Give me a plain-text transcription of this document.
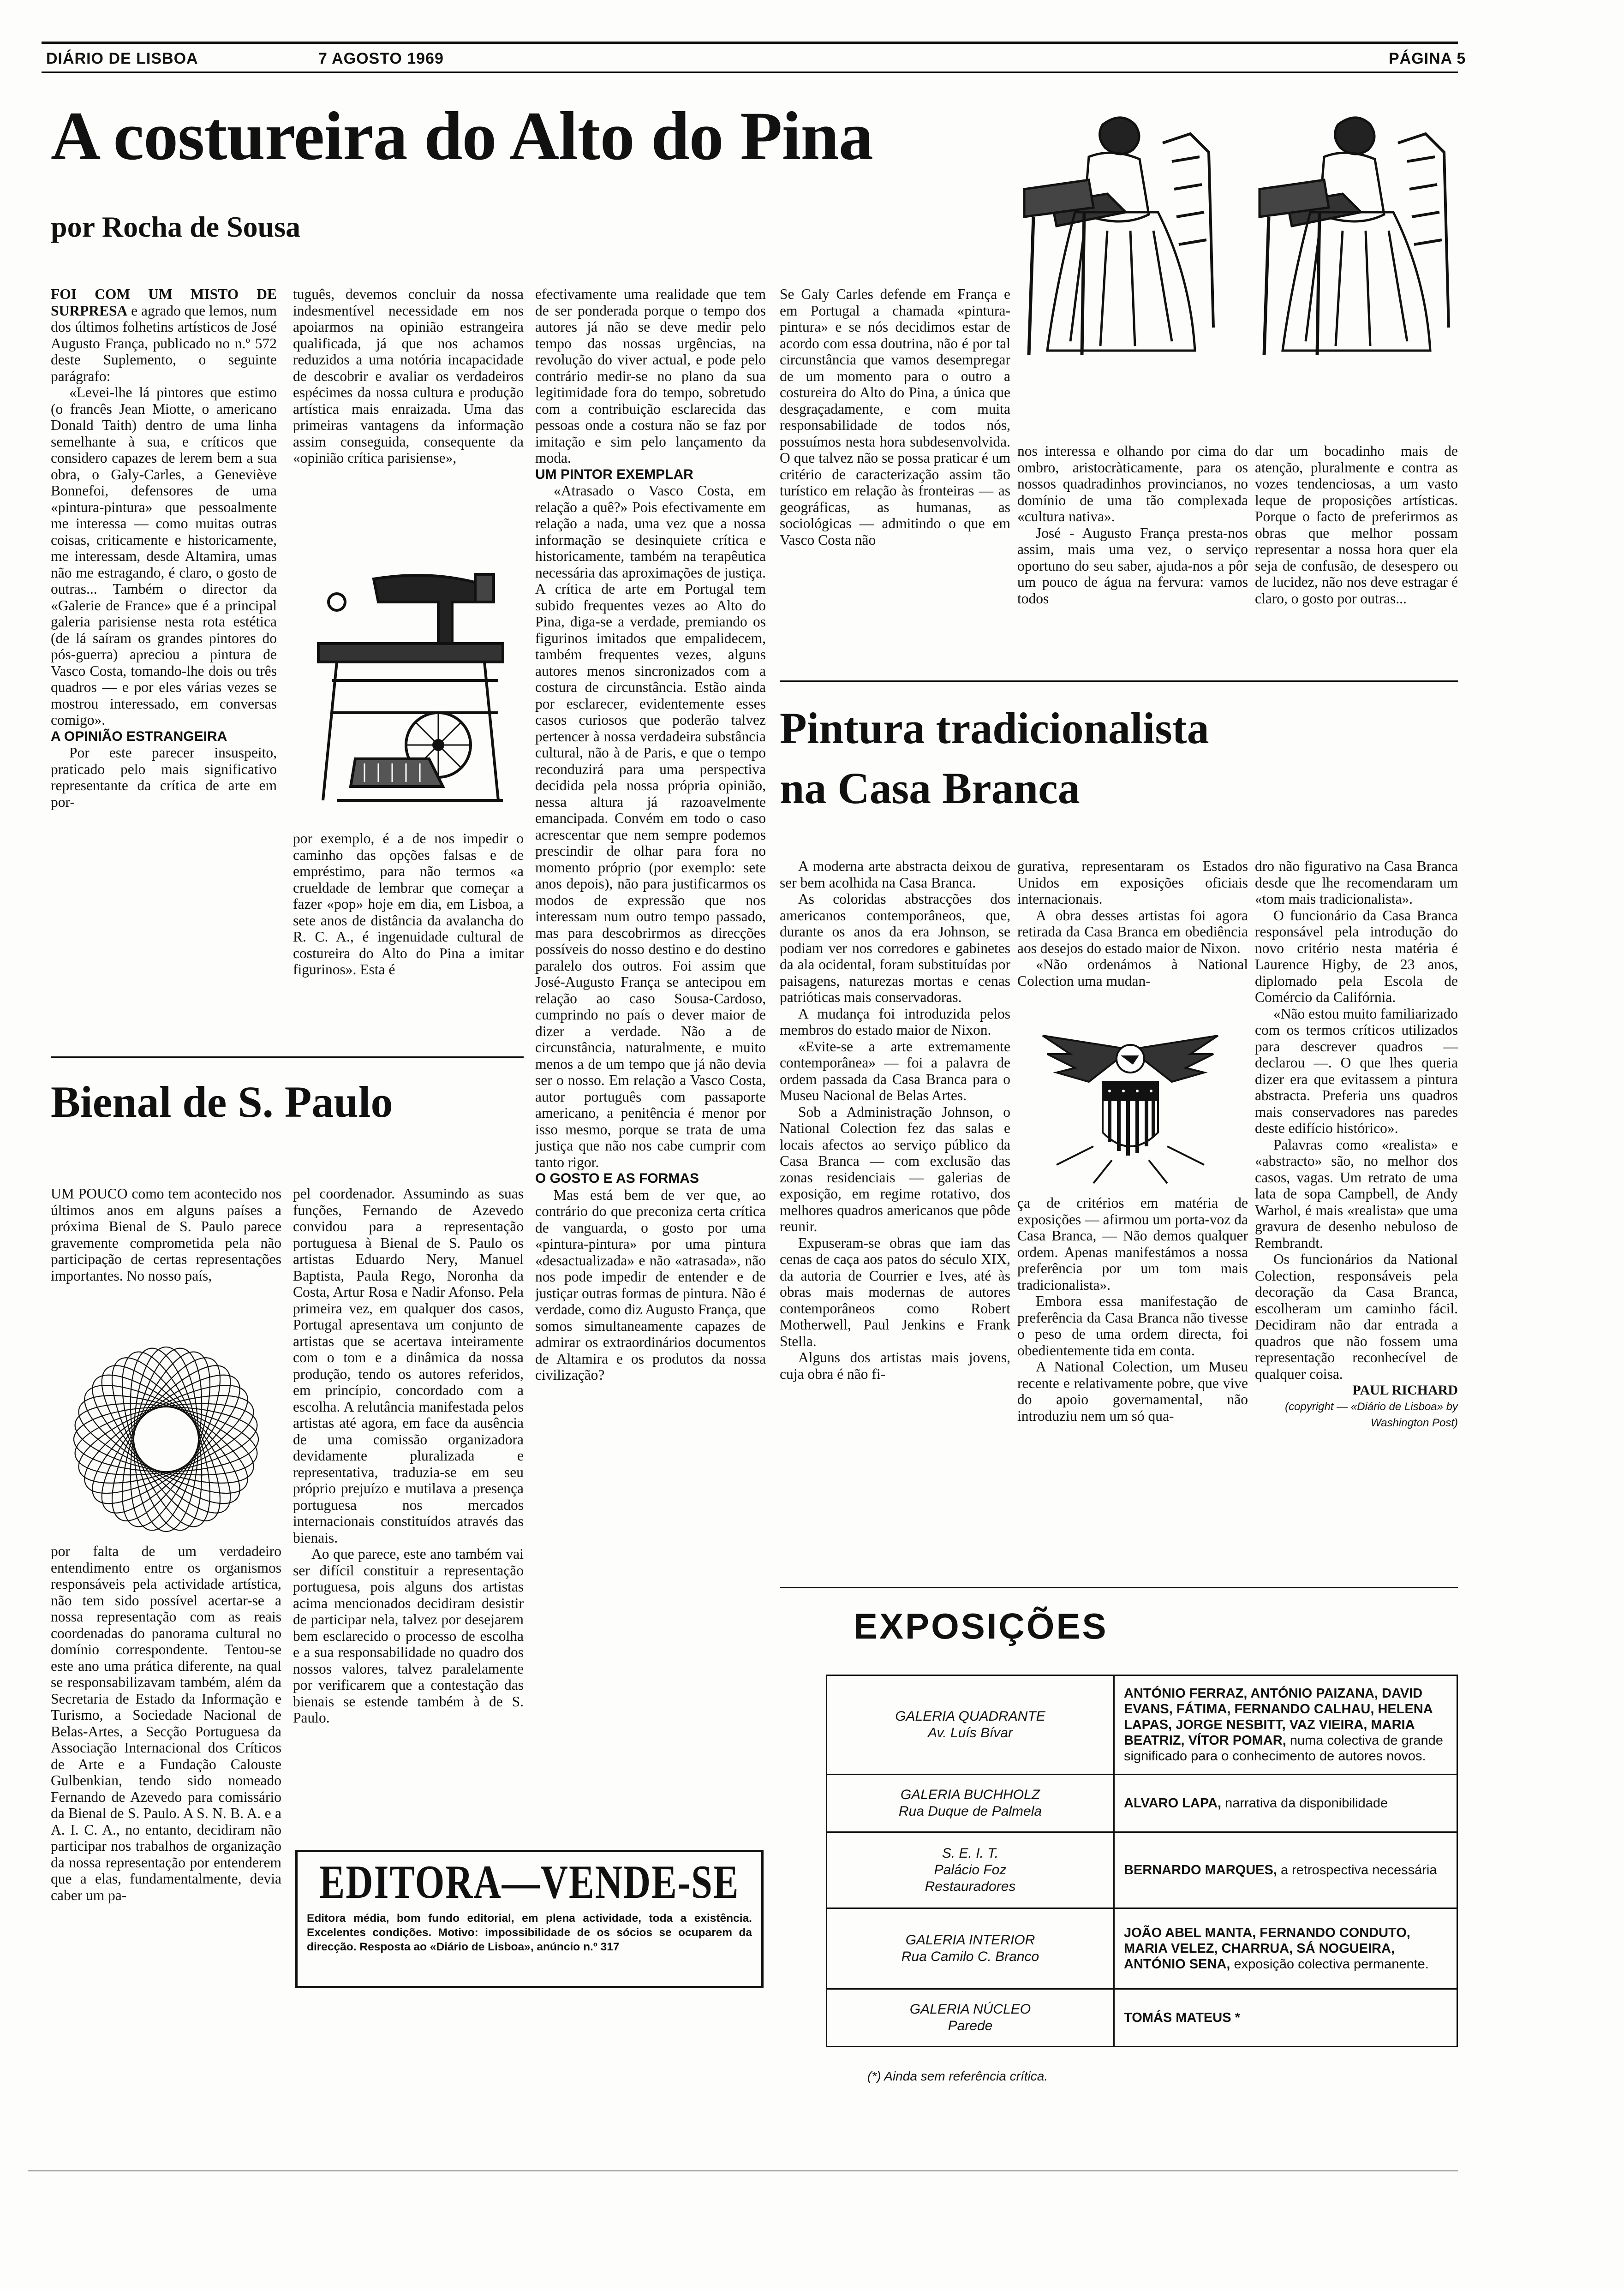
DIÁRIO DE LISBOA	7 AGOSTO 1969	PÁGINA 5
A costureira do Alto do Pina
por Rocha de Sousa

FOI COM UM MISTO DE SURPRESA e agrado que lemos, num dos últimos folhetins artísticos de José Augusto França, publicado no n.º 572 deste Suplemento, o seguinte parágrafo:

«Levei-lhe lá pintores que estimo (o francês Jean Miotte, o americano Donald Taith) dentro de uma linha semelhante à sua, e críticos que considero capazes de lerem bem a sua obra, o Galy-Carles, a Geneviève Bonnefoi, defensores de uma «pintura-pintura» que pessoalmente me interessa — como muitas outras coisas, criticamente e historicamente, me interessam, desde Altamira, umas não me estragando, é claro, o gosto de outras... Também o director da «Galerie de France» que é a principal galeria parisiense nesta rota estética (de lá saíram os grandes pintores do pós-guerra) apreciou a pintura de Vasco Costa, tomando-lhe dois ou três quadros — e por eles várias vezes se mostrou interessado, em conversas comigo».

A OPINIÃO ESTRANGEIRA

Por este parecer insuspeito, praticado pelo mais significativo representante da crítica de arte em por-

tuguês, devemos concluir da nossa indesmentível necessidade em nos apoiarmos na opinião estrangeira qualificada, já que nos achamos reduzidos a uma notória incapacidade de descobrir e avaliar os verdadeiros espécimes da nossa cultura e produção artística mais enraizada. Uma das primeiras vantagens da informação assim conseguida, consequente da «opinião crítica parisiense»,

por exemplo, é a de nos impedir o caminho das opções falsas e de empréstimo, para não termos «a crueldade de lembrar que começar a fazer «pop» hoje em dia, em Lisboa, a sete anos de distância da avalancha do R. C. A., é ingenuidade cultural de costureira do Alto do Pina a imitar figurinos». Esta é

efectivamente uma realidade que tem de ser ponderada porque o tempo dos autores já não se deve medir pelo tempo das nossas urgências, na revolução do viver actual, e pode pelo contrário medir-se no plano da sua legitimidade fora do tempo, sobretudo com a contribuição esclarecida das pessoas onde a costura não se faz por imitação e sim pelo lançamento da moda.

UM PINTOR EXEMPLAR

«Atrasado o Vasco Costa, em relação a quê?» Pois efectivamente em relação a nada, uma vez que a nossa informação se desinquiete crítica e historicamente, também na terapêutica necessária das aproximações de justiça. A crítica de arte em Portugal tem subido frequentes vezes ao Alto do Pina, diga-se a verdade, premiando os figurinos imitados que empalidecem, também frequentes vezes, alguns autores menos sincronizados com a costura de circunstância. Estão ainda por esclarecer, evidentemente esses casos curiosos que poderão talvez pertencer à nossa verdadeira substância cultural, não à de Paris, e que o tempo reconduzirá para uma perspectiva decidida pela nossa própria opinião, nessa altura já razoavelmente emancipada. Convém em todo o caso acrescentar que nem sempre podemos prescindir de olhar para fora no momento próprio (por exemplo: sete anos depois), não para justificarmos os modos de expressão que nos interessam num outro tempo passado, mas para descobrirmos as direcções possíveis do nosso destino e do destino paralelo dos outros. Foi assim que José-Augusto França se antecipou em relação ao caso Sousa-Cardoso, cumprindo no país o dever maior de dizer a verdade. Não a de circunstância, naturalmente, e muito menos a de um tempo que já não devia ser o nosso. Em relação a Vasco Costa, autor português com passaporte americano, a penitência é menor por isso mesmo, porque se trata de uma justiça que não nos cabe cumprir com tanto rigor.

O GOSTO E AS FORMAS

Mas está bem de ver que, ao contrário do que preconiza certa crítica de vanguarda, o gosto por uma «pintura-pintura» por uma pintura «desactualizada» e não «atrasada», não nos pode impedir de entender e de justiçar outras formas de pintura. Não é verdade, como diz Augusto França, que somos simultaneamente capazes de admirar os extraordinários documentos de Altamira e os produtos da nossa civilização?

Se Galy Carles defende em França e em Portugal a chamada «pintura-pintura» e se nós decidimos estar de acordo com essa doutrina, não é por tal circunstância que vamos desempregar de um momento para o outro a costureira do Alto do Pina, a única que desgraçadamente, e com muita responsabilidade de todos nós, possuímos nesta hora subdesenvolvida. O que talvez não se possa praticar é um critério de caracterização assim tão turístico em relação às fronteiras — as geográficas, as humanas, as sociológicas — admitindo o que em Vasco Costa não

nos interessa e olhando por cima do ombro, aristocràticamente, para os nossos quadradinhos provincianos, no domínio de uma tão complexada «cultura nativa».

José - Augusto França presta-nos assim, mais uma vez, o serviço oportuno do seu saber, ajuda-nos a pôr um pouco de água na fervura: vamos todos

dar um bocadinho mais de atenção, pluralmente e contra as vozes tendenciosas, a um vasto leque de proposições artísticas. Porque o facto de preferirmos as obras que melhor possam representar a nossa hora quer ela seja de confusão, de desespero ou de lucidez, não nos deve estragar é claro, o gosto por outras...

Bienal de S. Paulo

UM POUCO como tem acontecido nos últimos anos em alguns países a próxima Bienal de S. Paulo parece gravemente comprometida pela não participação de certas representações importantes. No nosso país,

por falta de um verdadeiro entendimento entre os organismos responsáveis pela actividade artística, não tem sido possível acertar-se a nossa representação com as reais coordenadas do panorama cultural no domínio correspondente. Tentou-se este ano uma prática diferente, na qual se responsabilizavam também, além da Secretaria de Estado da Informação e Turismo, a Sociedade Nacional de Belas-Artes, a Secção Portuguesa da Associação Internacional dos Críticos de Arte e a Fundação Calouste Gulbenkian, tendo sido nomeado Fernando de Azevedo para comissário da Bienal de S. Paulo. A S. N. B. A. e a A. I. C. A., no entanto, decidiram não participar nos trabalhos de organização da nossa representação por entenderem que a elas, fundamentalmente, devia caber um pa-

pel coordenador. Assumindo as suas funções, Fernando de Azevedo convidou para a representação portuguesa à Bienal de S. Paulo os artistas Eduardo Nery, Manuel Baptista, Paula Rego, Noronha da Costa, Artur Rosa e Nadir Afonso. Pela primeira vez, em qualquer dos casos, Portugal apresentava um conjunto de artistas que se acertava inteiramente com o tom e a dinâmica da nossa produção, tendo os autores referidos, em princípio, concordado com a escolha. A relutância manifestada pelos artistas até agora, em face da ausência de uma comissão organizadora devidamente pluralizada e representativa, traduzia-se em seu próprio prejuízo e mutilava a presença portuguesa nos mercados internacionais constituídos através das bienais.

Ao que parece, este ano também vai ser difícil constituir a representação portuguesa, pois alguns dos artistas acima mencionados decidiram desistir de participar nela, talvez por desejarem bem esclarecido o processo de escolha e a sua responsabilidade no quadro dos nossos valores, talvez paralelamente por verificarem que a contestação das bienais se estende também à de S. Paulo.

EDITORA—VENDE-SE
Editora média, bom fundo editorial, em plena actividade, toda a existência. Excelentes condições. Motivo: impossibilidade de os sócios se ocuparem da direcção. Resposta ao «Diário de Lisboa», anúncio n.º 317
Pintura tradicionalista
na Casa Branca

A moderna arte abstracta deixou de ser bem acolhida na Casa Branca.

As coloridas abstracções dos americanos contemporâneos, que, durante os anos da era Johnson, se podiam ver nos corredores e gabinetes da ala ocidental, foram substituídas por paisagens, naturezas mortas e cenas patrióticas mais conservadoras.

A mudança foi introduzida pelos membros do estado maior de Nixon.

«Evite-se a arte extremamente contemporânea» — foi a palavra de ordem passada da Casa Branca para o Museu Nacional de Belas Artes.

Sob a Administração Johnson, o National Colection fez das salas e locais afectos ao serviço público da Casa Branca — com exclusão das zonas residenciais — galerias de exposição, em regime rotativo, dos melhores quadros americanos que pôde reunir.

Expuseram-se obras que iam das cenas de caça aos patos do século XIX, da autoria de Courrier e Ives, até às obras mais modernas de autores contemporâneos como Robert Motherwell, Paul Jenkins e Frank Stella.

Alguns dos artistas mais jovens, cuja obra é não fi-

gurativa, representaram os Estados Unidos em exposições oficiais internacionais.

A obra desses artistas foi agora retirada da Casa Branca em obediência aos desejos do estado maior de Nixon.

«Não ordenámos à National Colection uma mudan-

ça de critérios em matéria de exposições — afirmou um porta-voz da Casa Branca, — Não demos qualquer ordem. Apenas manifestámos a nossa preferência por um tom mais tradicionalista».

Embora essa manifestação de preferência da Casa Branca não tivesse o peso de uma ordem directa, foi obedientemente tida em conta.

A National Colection, um Museu recente e relativamente pobre, que vive do apoio governamental, não introduziu nem um só qua-

dro não figurativo na Casa Branca desde que lhe recomendaram um «tom mais tradicionalista».

O funcionário da Casa Branca responsável pela introdução do novo critério nesta matéria é Laurence Higby, de 23 anos, diplomado pela Escola de Comércio da Califórnia.

«Não estou muito familiarizado com os termos críticos utilizados para descrever quadros — declarou —. O que lhes queria dizer era que evitassem a pintura abstracta. Preferia uns quadros mais conservadores nas paredes deste edifício histórico».

Palavras como «realista» e «abstracto» são, no melhor dos casos, vagas. Um retrato de uma lata de sopa Campbell, de Andy Warhol, é mais «realista» que uma gravura de desenho nebuloso de Rembrandt.

Os funcionários da National Colection, responsáveis pela decoração da Casa Branca, escolheram um caminho fácil. Decidiram não dar entrada a quadros que não fossem uma representação reconhecível de qualquer coisa.

PAUL RICHARD

(copyright — «Diário de Lisboa» by Washington Post)

EXPOSIÇÕES
GALERIA QUADRANTE
Av. Luís Bívar	ANTÓNIO FERRAZ, ANTÓNIO PAIZANA, DAVID EVANS, FÁTIMA, FERNANDO CALHAU, HELENA LAPAS, JORGE NESBITT, VAZ VIEIRA, MARIA BEATRIZ, VÍTOR POMAR, numa colectiva de grande significado para o conhecimento de autores novos.

GALERIA BUCHHOLZ
Rua Duque de Palmela	ALVARO LAPA, narrativa da disponibilidade

S. E. I. T.
Palácio Foz
Restauradores	BERNARDO MARQUES, a retrospectiva necessária

GALERIA INTERIOR
Rua Camilo C. Branco	JOÃO ABEL MANTA, FERNANDO CONDUTO, MARIA VELEZ, CHARRUA, SÁ NOGUEIRA, ANTÓNIO SENA, exposição colectiva permanente.

GALERIA NÚCLEO
Parede	TOMÁS MATEUS *
(*) Ainda sem referência crítica.
